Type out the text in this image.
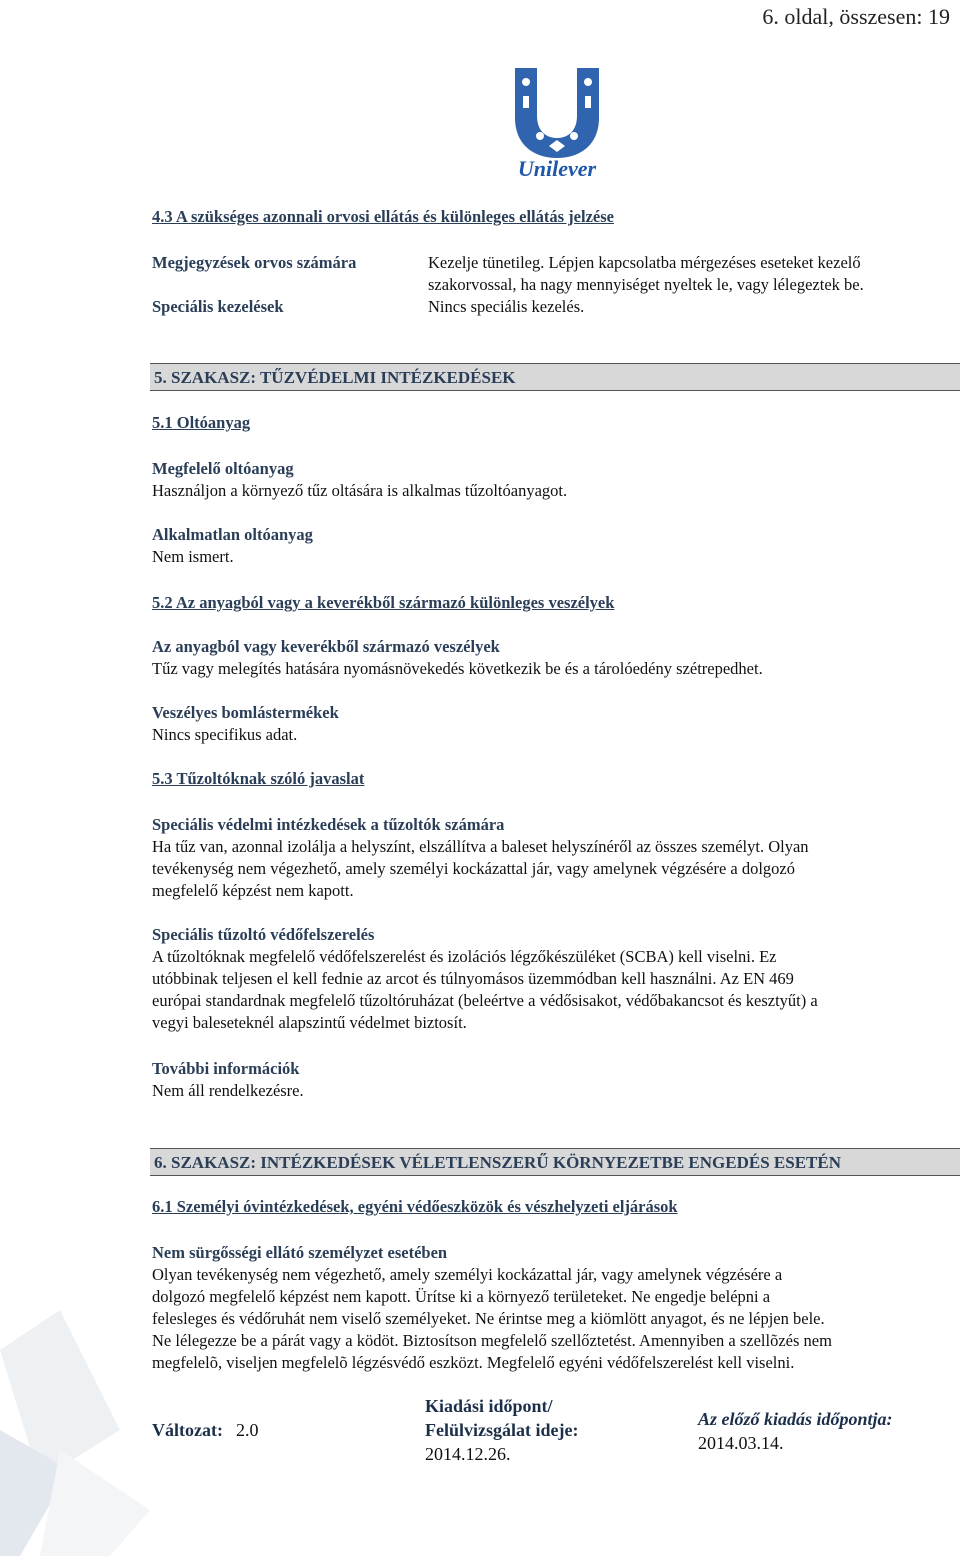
6. oldal, összesen: 19
Unilever
4.3 A szükséges azonnali orvosi ellátás és különleges ellátás jelzése
Megjegyzések orvos számára	Kezelje tünetileg. Lépjen kapcsolatba mérgezéses eseteket kezelő
szakorvossal, ha nagy mennyiséget nyeltek le, vagy lélegeztek be.
Speciális kezelések	Nincs speciális kezelés.
5. SZAKASZ: TŰZVÉDELMI INTÉZKEDÉSEK
5.1 Oltóanyag
Megfelelő oltóanyag
Használjon a környező tűz oltására is alkalmas tűzoltóanyagot.
Alkalmatlan oltóanyag
Nem ismert.
5.2 Az anyagból vagy a keverékből származó különleges veszélyek
Az anyagból vagy keverékből származó veszélyek
Tűz vagy melegítés hatására nyomásnövekedés következik be és a tárolóedény szétrepedhet.
Veszélyes bomlástermékek
Nincs specifikus adat.
5.3 Tűzoltóknak szóló javaslat
Speciális védelmi intézkedések a tűzoltók számára
Ha tűz van, azonnal izolálja a helyszínt, elszállítva a baleset helyszínéről az összes személyt. Olyan
tevékenység nem végezhető, amely személyi kockázattal jár, vagy amelynek végzésére a dolgozó
megfelelő képzést nem kapott.
Speciális tűzoltó védőfelszerelés
A tűzoltóknak megfelelő védőfelszerelést és izolációs légzőkészüléket (SCBA) kell viselni. Ez
utóbbinak teljesen el kell fednie az arcot és túlnyomásos üzemmódban kell használni. Az EN 469
európai standardnak megfelelő tűzoltóruházat (beleértve a védősisakot, védőbakancsot és kesztyűt) a
vegyi baleseteknél alapszintű védelmet biztosít.
További információk
Nem áll rendelkezésre.
6. SZAKASZ: INTÉZKEDÉSEK VÉLETLENSZERŰ KÖRNYEZETBE ENGEDÉS ESETÉN
6.1 Személyi óvintézkedések, egyéni védőeszközök és vészhelyzeti eljárások
Nem sürgősségi ellátó személyzet esetében
Olyan tevékenység nem végezhető, amely személyi kockázattal jár, vagy amelynek végzésére a
dolgozó megfelelő képzést nem kapott. Ürítse ki a környező területeket. Ne engedje belépni a
felesleges és védőruhát nem viselő személyeket. Ne érintse meg a kiömlött anyagot, és ne lépjen bele.
Ne lélegezze be a párát vagy a ködöt. Biztosítson megfelelő szellőztetést. Amennyiben a szellõzés nem
megfelelõ, viseljen megfelelõ légzésvédő eszközt. Megfelelő egyéni védőfelszerelést kell viselni.
Változat: 2.0
Kiadási időpont/
Felülvizsgálat ideje:
2014.12.26.
Az előző kiadás időpontja:
2014.03.14.
